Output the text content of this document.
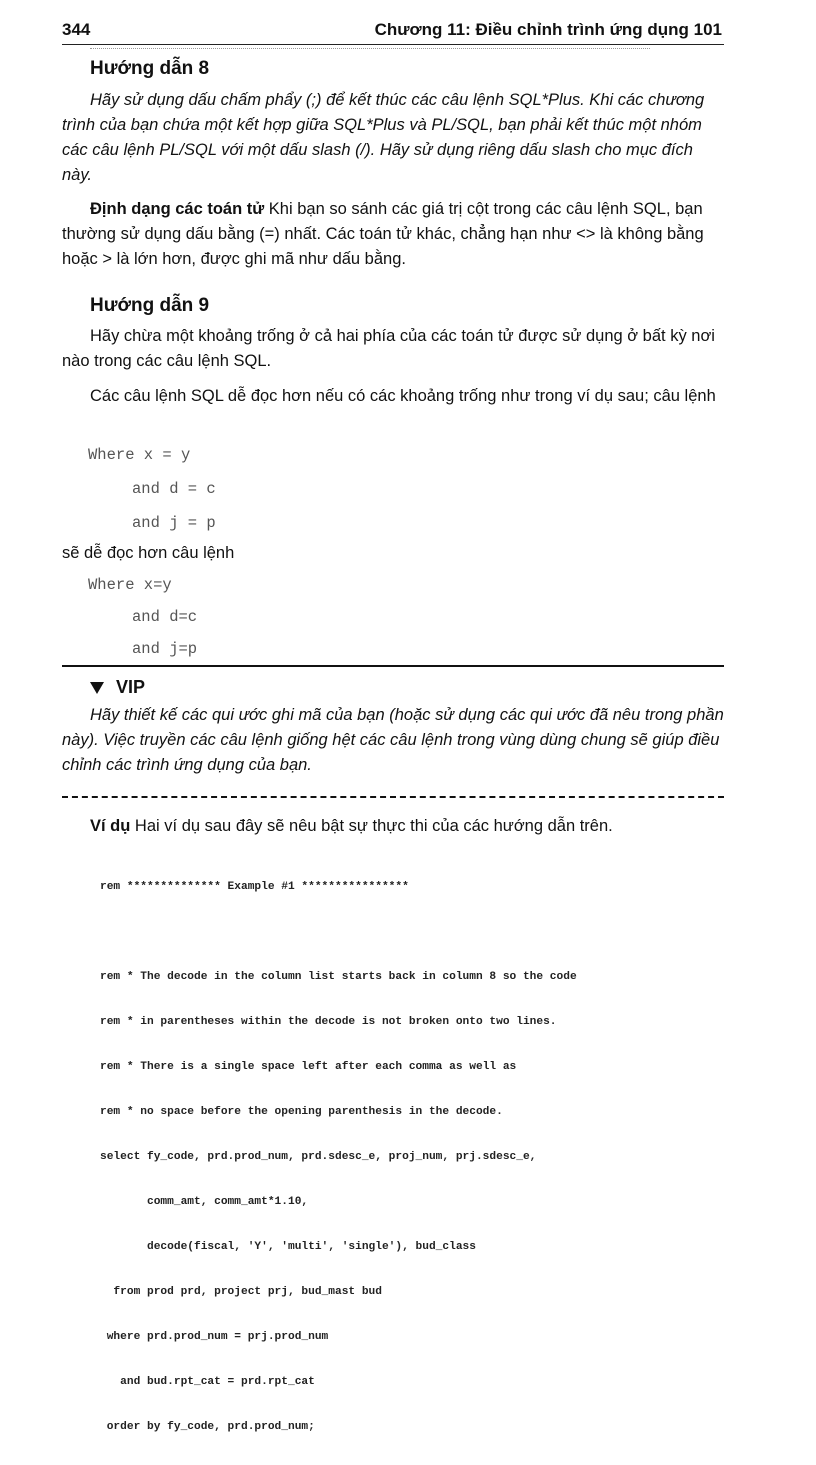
344	Chương 11: Điều chỉnh trình ứng dụng 101
Hướng dẫn 8
Hãy sử dụng dấu chấm phẩy (;) để kết thúc các câu lệnh SQL*Plus. Khi các chương trình của bạn chứa một kết hợp giữa SQL*Plus và PL/SQL, bạn phải kết thúc một nhóm các câu lệnh PL/SQL với một dấu slash (/). Hãy sử dụng riêng dấu slash cho mục đích này.
Định dạng các toán tử Khi bạn so sánh các giá trị cột trong các câu lệnh SQL, bạn thường sử dụng dấu bằng (=) nhất. Các toán tử khác, chẳng hạn như <> là không bằng hoặc > là lớn hơn, được ghi mã như dấu bằng.
Hướng dẫn 9
Hãy chừa một khoảng trống ở cả hai phía của các toán tử được sử dụng ở bất kỳ nơi nào trong các câu lệnh SQL.
Các câu lệnh SQL dễ đọc hơn nếu có các khoảng trống như trong ví dụ sau; câu lệnh
Where x = y
and d = c
and j = p
sẽ dễ đọc hơn câu lệnh
Where x=y
and d=c
and j=p
VIP
Hãy thiết kế các qui ước ghi mã của bạn (hoặc sử dụng các qui ước đã nêu trong phần này). Việc truyền các câu lệnh giống hệt các câu lệnh trong vùng dùng chung sẽ giúp điều chỉnh các trình ứng dụng của bạn.
Ví dụ Hai ví dụ sau đây sẽ nêu bật sự thực thi của các hướng dẫn trên.

rem ************** Example #1 ****************

rem * The decode in the column list starts back in column 8 so the code

rem * in parentheses within the decode is not broken onto two lines.

rem * There is a single space left after each comma as well as

rem * no space before the opening parenthesis in the decode.

select fy_code, prd.prod_num, prd.sdesc_e, proj_num, prj.sdesc_e,

comm_amt, comm_amt*1.10,

decode(fiscal, 'Y', 'multi', 'single'), bud_class

from prod prd, project prj, bud_mast bud

where prd.prod_num = prj.prod_num

and bud.rpt_cat = prd.rpt_cat

order by fy_code, prd.prod_num;
